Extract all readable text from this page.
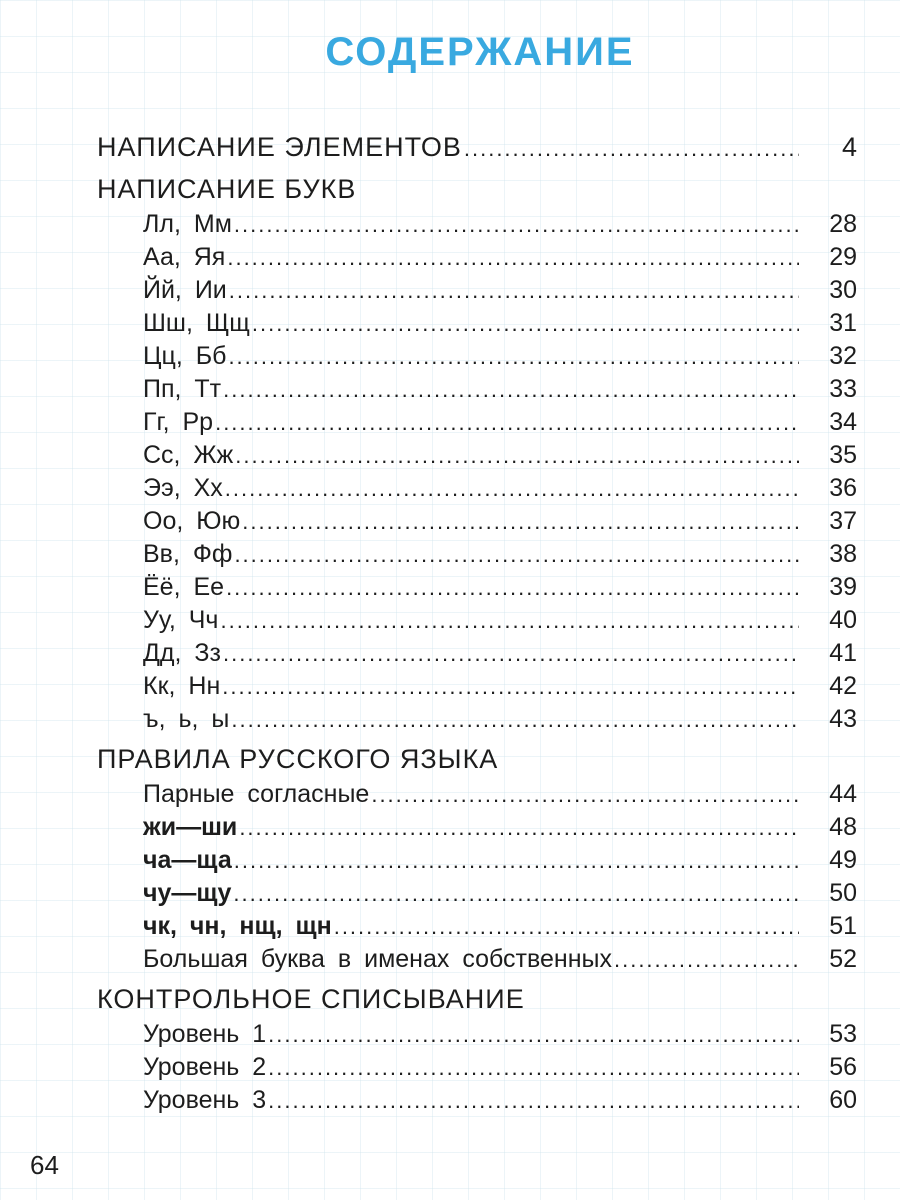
СОДЕРЖАНИЕ
НАПИСАНИЕ ЭЛЕМЕНТОВ .....	4
НАПИСАНИЕ БУКВ
Лл, Мм .....	28
Аа, Яя .....	29
Йй, Ии .....	30
Шш, Щщ .....	31
Цц, Бб .....	32
Пп, Тт .....	33
Гг, Рр .....	34
Сс, Жж .....	35
Ээ, Хх .....	36
Оо, Юю .....	37
Вв, Фф .....	38
Ёё, Ее .....	39
Уу, Чч .....	40
Дд, Зз .....	41
Кк, Нн .....	42
ъ, ь, ы .....	43
ПРАВИЛА РУССКОГО ЯЗЫКА
Парные согласные .....	44
жи—ши .....	48
ча—ща .....	49
чу—щу .....	50
чк, чн, нщ, щн .....	51
Большая буква в именах собственных .....	52
КОНТРОЛЬНОЕ СПИСЫВАНИЕ
Уровень 1 .....	53
Уровень 2 .....	56
Уровень 3 .....	60
64
